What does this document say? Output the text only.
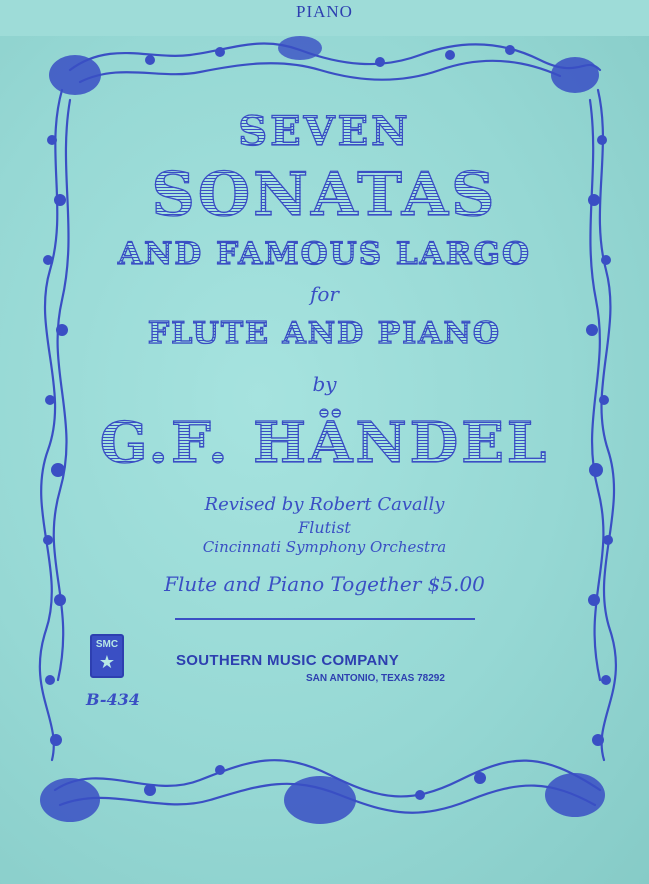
PIANO
SEVEN
SONATAS
AND FAMOUS LARGO
for
FLUTE AND PIANO
by
G.F. HÄNDEL
Revised by Robert Cavally
Flutist
Cincinnati Symphony Orchestra
Flute and Piano Together $5.00
SMC
★	SOUTHERN MUSIC COMPANY
SAN ANTONIO, TEXAS 78292
B-434
